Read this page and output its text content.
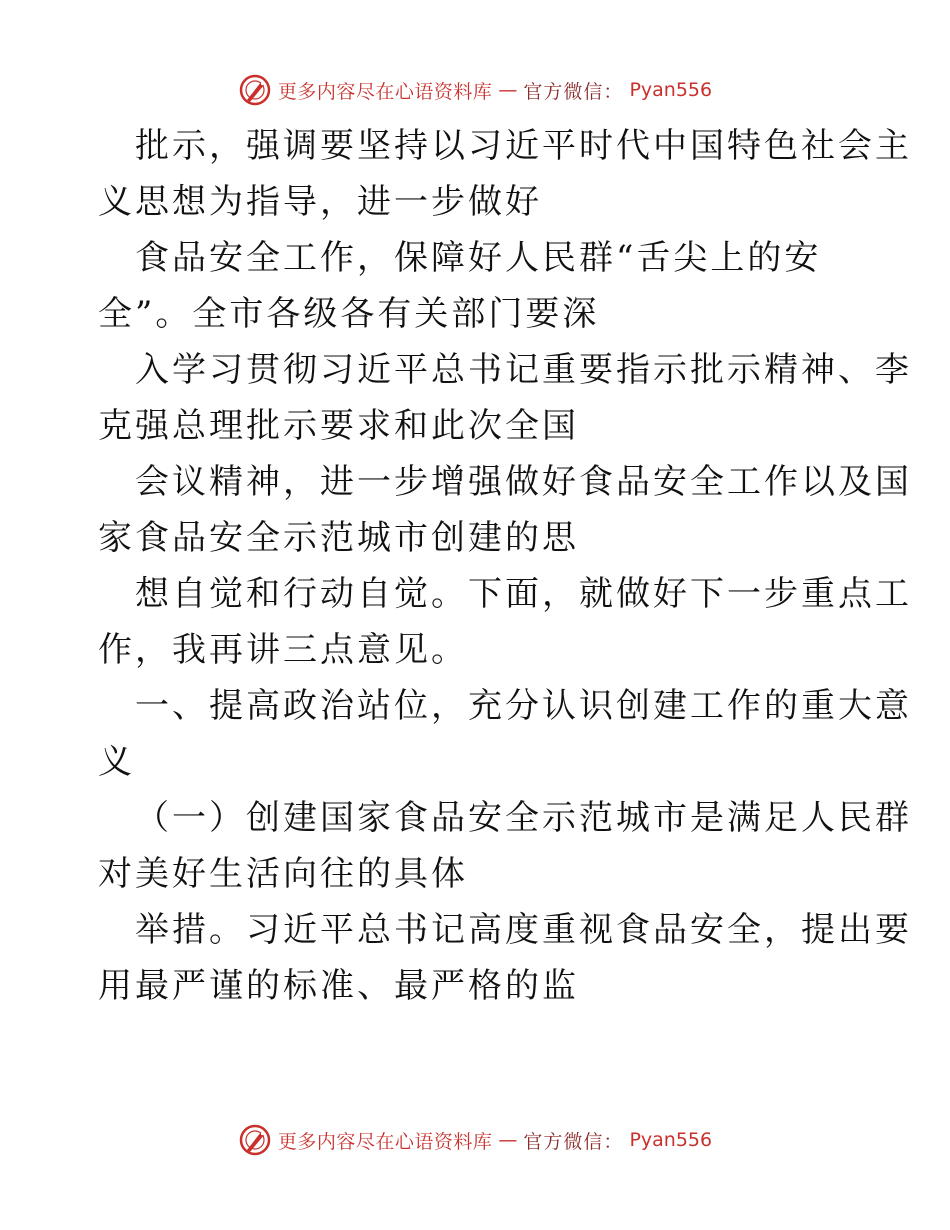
更多内容尽在心语资料库 — 官方微信： Pyan556
批示，强调要坚持以习近平时代中国特色社会主
义思想为指导，进一步做好
食品安全工作，保障好人民群“舌尖上的安
全”。全市各级各有关部门要深
入学习贯彻习近平总书记重要指示批示精神、李
克强总理批示要求和此次全国
会议精神，进一步增强做好食品安全工作以及国
家食品安全示范城市创建的思
想自觉和行动自觉。下面，就做好下一步重点工
作，我再讲三点意见。
一、提高政治站位，充分认识创建工作的重大意
义
（一）创建国家食品安全示范城市是满足人民群
对美好生活向往的具体
举措。习近平总书记高度重视食品安全，提出要
用最严谨的标准、最严格的监
更多内容尽在心语资料库 — 官方微信： Pyan556
